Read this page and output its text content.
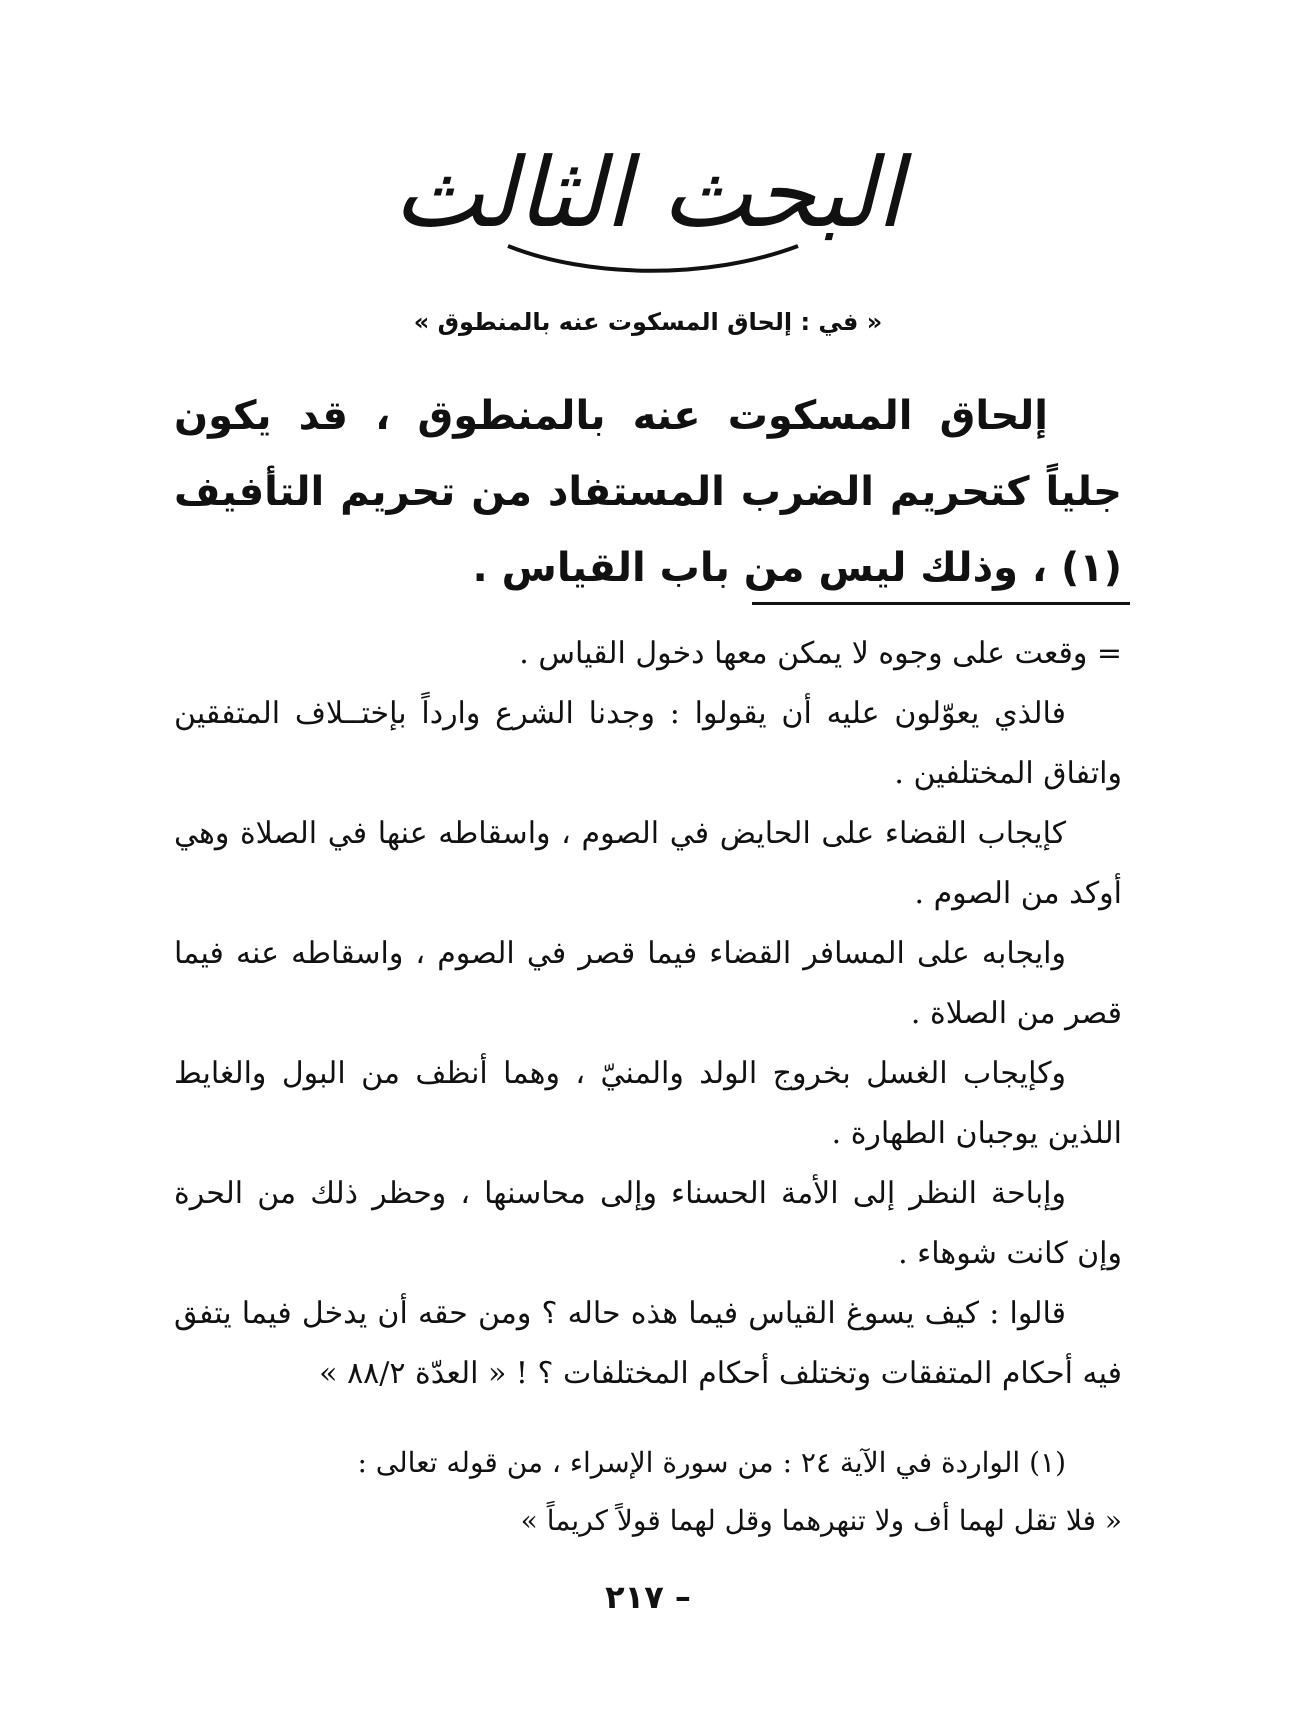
البحث الثالث
« في : إلحاق المسكوت عنه بالمنطوق »

إلحاق المسكوت عنه بالمنطوق ، قد يكون جلياً كتحريم الضرب المستفاد من تحريم التأفيف (١) ، وذلك ليس من باب القياس .

= وقعت على وجوه لا يمكن معها دخول القياس .

فالذي يعوّلون عليه أن يقولوا : وجدنا الشرع وارداً بإختــلاف المتفقين واتفاق المختلفين .

كإيجاب القضاء على الحايض في الصوم ، واسقاطه عنها في الصلاة وهي أوكد من الصوم .

وايجابه على المسافر القضاء فيما قصر في الصوم ، واسقاطه عنه فيما قصر من الصلاة .

وكإيجاب الغسل بخروج الولد والمنيّ ، وهما أنظف من البول والغايط اللذين يوجبان الطهارة .

وإباحة النظر إلى الأمة الحسناء وإلى محاسنها ، وحظر ذلك من الحرة وإن كانت شوهاء .

قالوا : كيف يسوغ القياس فيما هذه حاله ؟ ومن حقه أن يدخل فيما يتفق فيه أحكام المتفقات وتختلف أحكام المختلفات ؟ ! « العدّة ٨٨/٢ »

(١) الواردة في الآية ٢٤ : من سورة الإسراء ، من قوله تعالى :

« فلا تقل لهما أف ولا تنهرهما وقل لهما قولاً كريماً »

– ٢١٧
